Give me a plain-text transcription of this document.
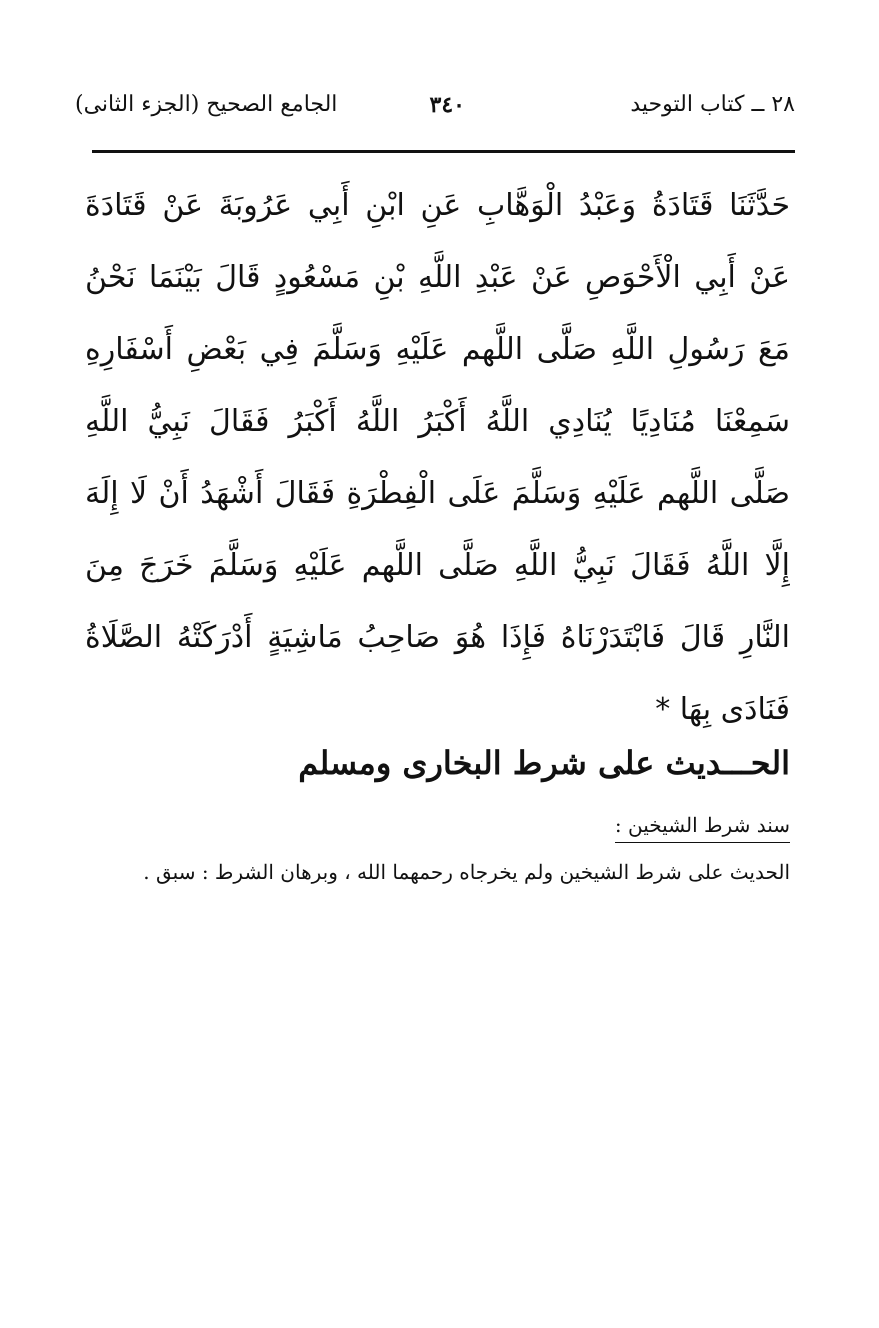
٢٨ ــ كتاب التوحيد
٣٤٠
الجامع الصحيح (الجزء الثانى)
حَدَّثَنَا قَتَادَةُ وَعَبْدُ الْوَهَّابِ عَنِ ابْنِ أَبِي عَرُوبَةَ عَنْ قَتَادَةَ
عَنْ أَبِي الْأَحْوَصِ عَنْ عَبْدِ اللَّهِ بْنِ مَسْعُودٍ قَالَ بَيْنَمَا نَحْنُ
مَعَ رَسُولِ اللَّهِ صَلَّى اللَّهم عَلَيْهِ وَسَلَّمَ فِي بَعْضِ أَسْفَارِهِ
سَمِعْنَا مُنَادِيًا يُنَادِي اللَّهُ أَكْبَرُ اللَّهُ أَكْبَرُ فَقَالَ نَبِيُّ اللَّهِ
صَلَّى اللَّهم عَلَيْهِ وَسَلَّمَ عَلَى الْفِطْرَةِ فَقَالَ أَشْهَدُ أَنْ لَا إِلَهَ
إِلَّا اللَّهُ فَقَالَ نَبِيُّ اللَّهِ صَلَّى اللَّهم عَلَيْهِ وَسَلَّمَ خَرَجَ مِنَ
النَّارِ قَالَ فَابْتَدَرْنَاهُ فَإِذَا هُوَ صَاحِبُ مَاشِيَةٍ أَدْرَكَتْهُ الصَّلَاةُ
فَنَادَى بِهَا *
الحـــديث على شرط البخارى ومسلم
سند شرط الشيخين :
الحديث على شرط الشيخين ولم يخرجاه رحمهما الله ، وبرهان الشرط : سبق .
